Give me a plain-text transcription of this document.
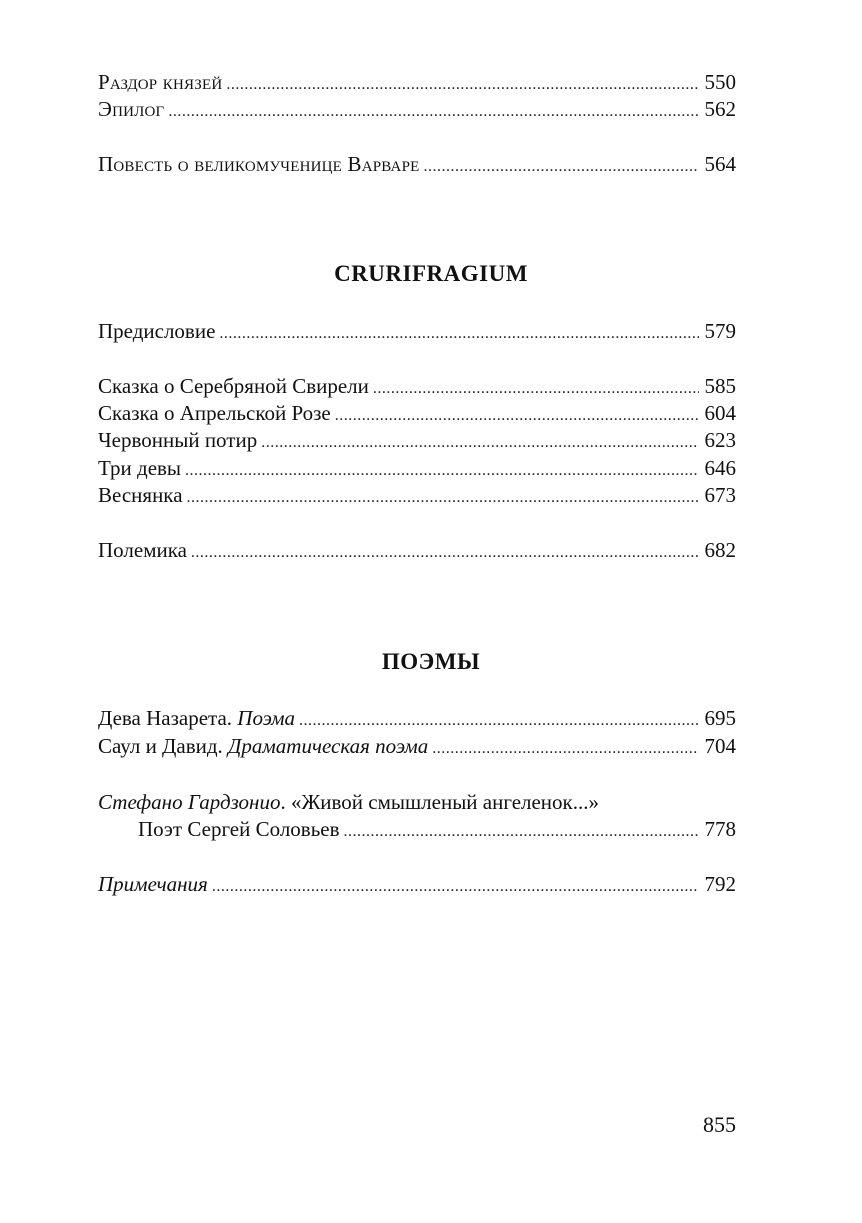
Раздор князей .....	550
Эпилог .....	562
Повесть о великомученице Варваре .....	564
CRURIFRAGIUM
Предисловие .....	579
Сказка о Серебряной Свирели .....	585
Сказка о Апрельской Розе .....	604
Червонный потир .....	623
Три девы .....	646
Веснянка .....	673
Полемика .....	682
ПОЭМЫ
Дева Назарета. Поэма .....	695
Саул и Давид. Драматическая поэма .....	704
Стефано Гардзонио. «Живой смышленый ангеленок...»
Поэт Сергей Соловьев .....	778
Примечания .....	792
855
